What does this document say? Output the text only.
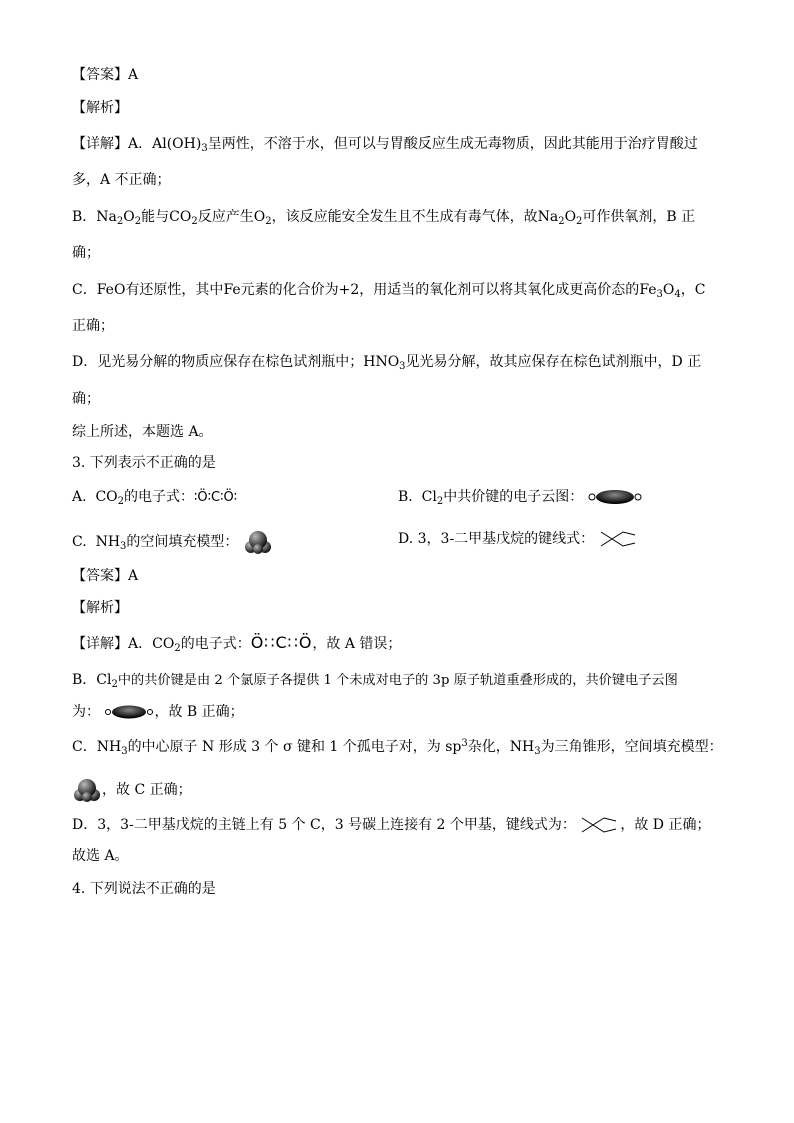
【答案】A
【解析】
【详解】A．$Al(OH)_3$呈两性，不溶于水，但可以与胃酸反应生成无毒物质，因此其能用于治疗胃酸过
多，A 不正确；
B．$Na_2O_2$能与$CO_2$反应产生$O_2$，该反应能安全发生且不生成有毒气体，故$Na_2O_2$可作供氧剂，B 正
确；
C．FeO有还原性，其中Fe元素的化合价为+2，用适当的氧化剂可以将其氧化成更高价态的$Fe_3O_4$，C
正确；
D．见光易分解的物质应保存在棕色试剂瓶中；$HNO_3$见光易分解，故其应保存在棕色试剂瓶中，D 正
确；
综上所述，本题选 A。
3. 下列表示不正确的是
A. $CO_2$的电子式：∶Ö∶C∶Ö∶	B. $Cl_2$中共价键的电子云图：
C. $NH_3$的空间填充模型：	D. 3，3-二甲基戊烷的键线式：
【答案】A
【解析】
【详解】A．$CO_2$的电子式：Ö∷C∷Ö，故 A 错误；
B．$Cl_2$中的共价键是由 2 个氯原子各提供 1 个未成对电子的 3p 原子轨道重叠形成的，共价键电子云图
为：	，故 B 正确；
C．$NH_3$的中心原子 N 形成 3 个 σ 键和 1 个孤电子对，为 $sp^3$杂化，$NH_3$为三角锥形，空间填充模型：
，故 C 正确；
D．3，3-二甲基戊烷的主链上有 5 个 C，3 号碳上连接有 2 个甲基，键线式为：	，故 D 正确；
故选 A。
4. 下列说法不正确的是
